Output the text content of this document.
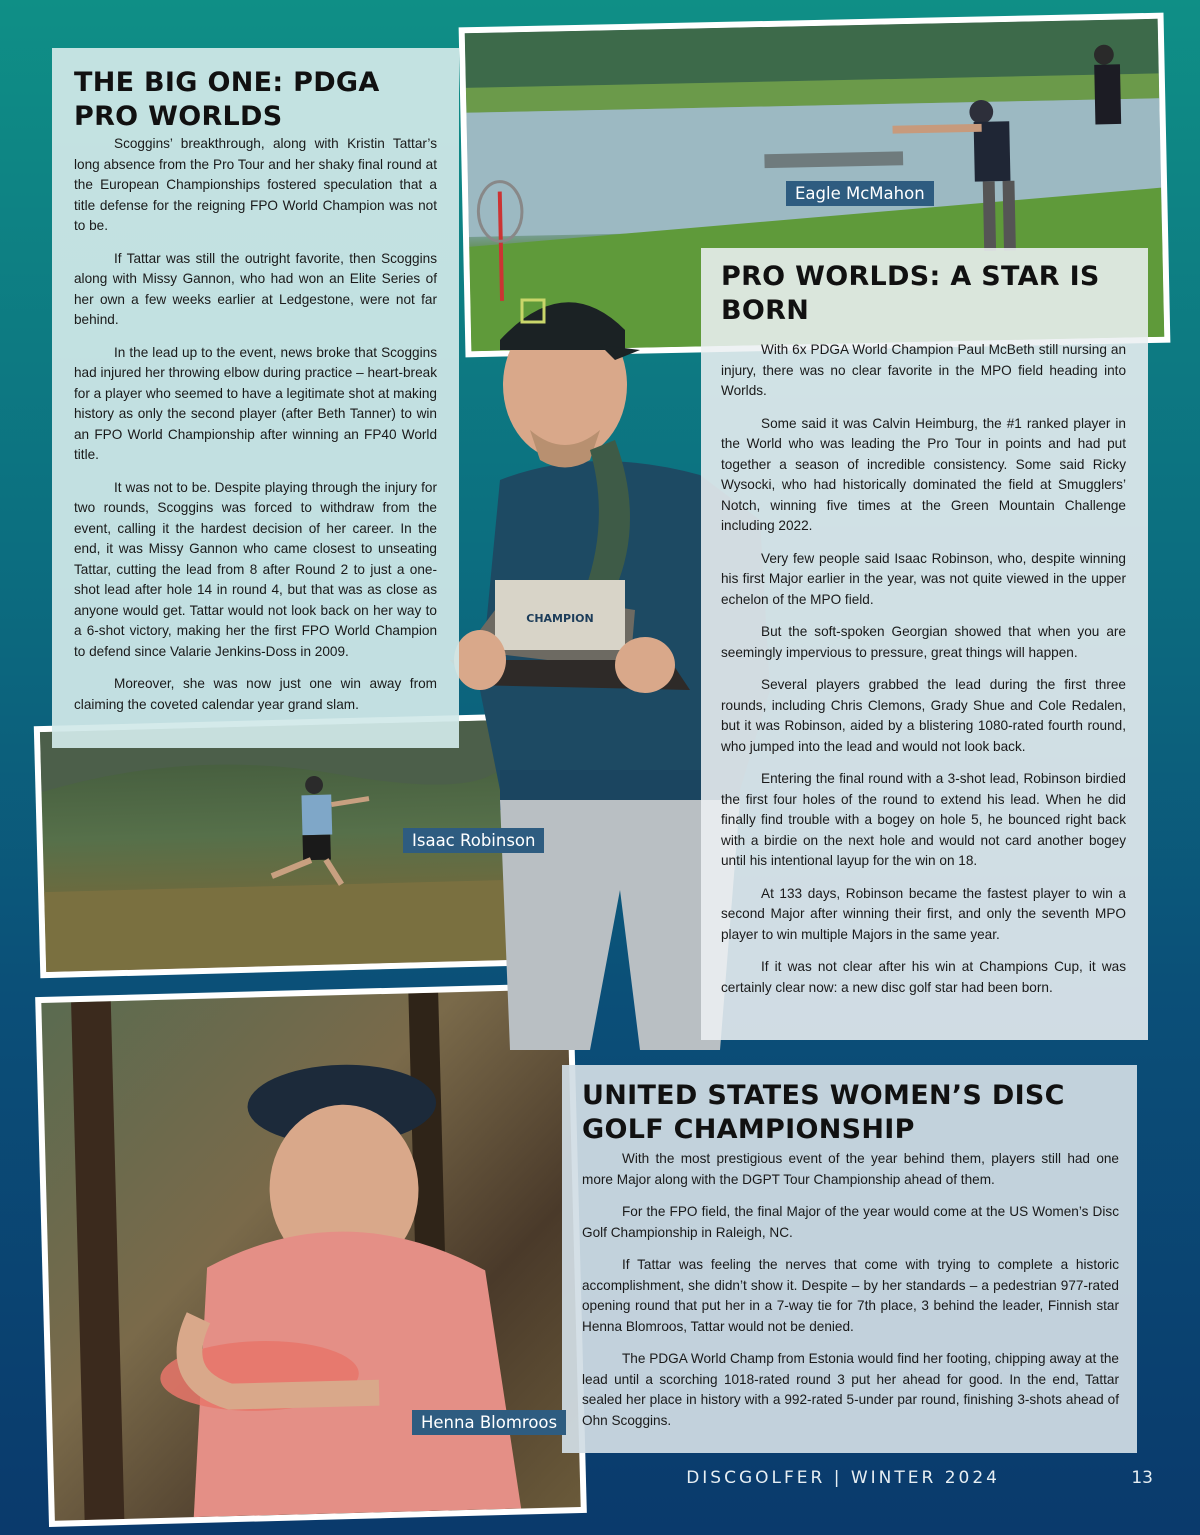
CHAMPION
THE BIG ONE: PDGA PRO WORLDS

Scoggins’ breakthrough, along with Kristin Tattar’s long absence from the Pro Tour and her shaky final round at the European Championships fostered speculation that a title defense for the reigning FPO World Champion was not to be.

If Tattar was still the outright favorite, then Scoggins along with Missy Gannon, who had won an Elite Series of her own a few weeks earlier at Ledgestone, were not far behind.

In the lead up to the event, news broke that Scoggins had injured her throwing elbow during practice – heart-break for a player who seemed to have a legitimate shot at making history as only the second player (after Beth Tanner) to win an FPO World Championship after winning an FP40 World title.

It was not to be. Despite playing through the injury for two rounds, Scoggins was forced to withdraw from the event, calling it the hardest decision of her career. In the end, it was Missy Gannon who came closest to unseating Tattar, cutting the lead from 8 after Round 2 to just a one-shot lead after hole 14 in round 4, but that was as close as anyone would get. Tattar would not look back on her way to a 6-shot victory, making her the first FPO World Champion to defend since Valarie Jenkins-Doss in 2009.

Moreover, she was now just one win away from claiming the coveted calendar year grand slam.

PRO WORLDS: A STAR IS BORN

With 6x PDGA World Champion Paul McBeth still nursing an injury, there was no clear favorite in the MPO field heading into Worlds.

Some said it was Calvin Heimburg, the #1 ranked player in the World who was leading the Pro Tour in points and had put together a season of incredible consistency. Some said Ricky Wysocki, who had historically dominated the field at Smugglers’ Notch, winning five times at the Green Mountain Challenge including 2022.

Very few people said Isaac Robinson, who, despite winning his first Major earlier in the year, was not quite viewed in the upper echelon of the MPO field.

But the soft-spoken Georgian showed that when you are seemingly impervious to pressure, great things will happen.

Several players grabbed the lead during the first three rounds, including Chris Clemons, Grady Shue and Cole Redalen, but it was Robinson, aided by a blistering 1080-rated fourth round, who jumped into the lead and would not look back.

Entering the final round with a 3-shot lead, Robinson birdied the first four holes of the round to extend his lead. When he did finally find trouble with a bogey on hole 5, he bounced right back with a birdie on the next hole and would not card another bogey until his intentional layup for the win on 18.

At 133 days, Robinson became the fastest player to win a second Major after winning their first, and only the seventh MPO player to win multiple Majors in the same year.

If it was not clear after his win at Champions Cup, it was certainly clear now: a new disc golf star had been born.

UNITED STATES WOMEN’S DISC GOLF CHAMPIONSHIP

With the most prestigious event of the year behind them, players still had one more Major along with the DGPT Tour Championship ahead of them.

For the FPO field, the final Major of the year would come at the US Women’s Disc Golf Championship in Raleigh, NC.

If Tattar was feeling the nerves that come with trying to complete a historic accomplishment, she didn’t show it. Despite – by her standards – a pedestrian 977-rated opening round that put her in a 7-way tie for 7th place, 3 behind the leader, Finnish star Henna Blomroos, Tattar would not be denied.

The PDGA World Champ from Estonia would find her footing, chipping away at the lead until a scorching 1018-rated round 3 put her ahead for good. In the end, Tattar sealed her place in history with a 992-rated 5-under par round, finishing 3-shots ahead of Ohn Scoggins.

Eagle McMahon
Isaac Robinson
Henna Blomroos
DISCGOLFER | WINTER 2024	13
